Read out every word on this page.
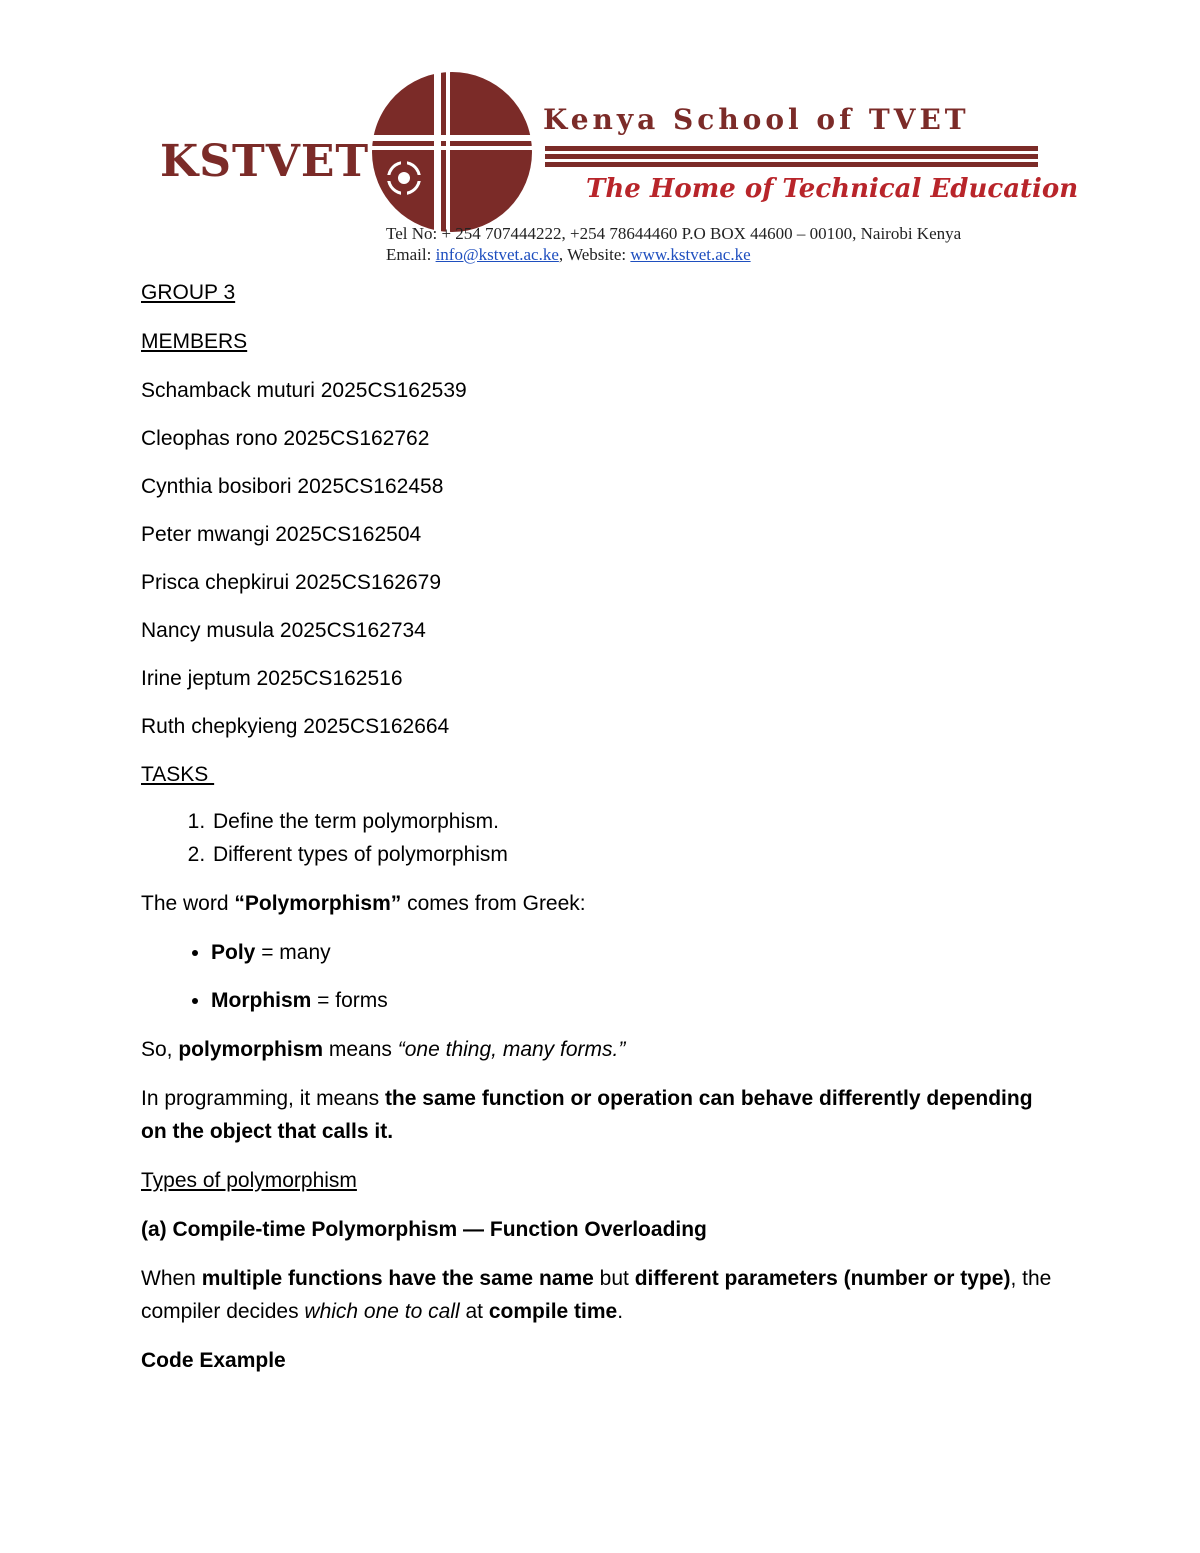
KSTVET
Kenya School of TVET
The Home of Technical Education
Tel No: + 254 707444222, +254 78644460 P.O BOX 44600 – 00100, Nairobi Kenya
Email: info@kstvet.ac.ke, Website: www.kstvet.ac.ke

GROUP 3

MEMBERS

Schamback muturi 2025CS162539

Cleophas rono 2025CS162762

Cynthia bosibori 2025CS162458

Peter mwangi 2025CS162504

Prisca chepkirui 2025CS162679

Nancy musula 2025CS162734

Irine jeptum 2025CS162516

Ruth chepkyieng 2025CS162664

TASKS

1. Define the term polymorphism.
2. Different types of polymorphism

The word “Polymorphism” comes from Greek:

• Poly = many
• Morphism = forms

So, polymorphism means “one thing, many forms.”

In programming, it means the same function or operation can behave differently depending on the object that calls it.

Types of polymorphism

(a) Compile-time Polymorphism — Function Overloading

When multiple functions have the same name but different parameters (number or type), the compiler decides which one to call at compile time.

Code Example
